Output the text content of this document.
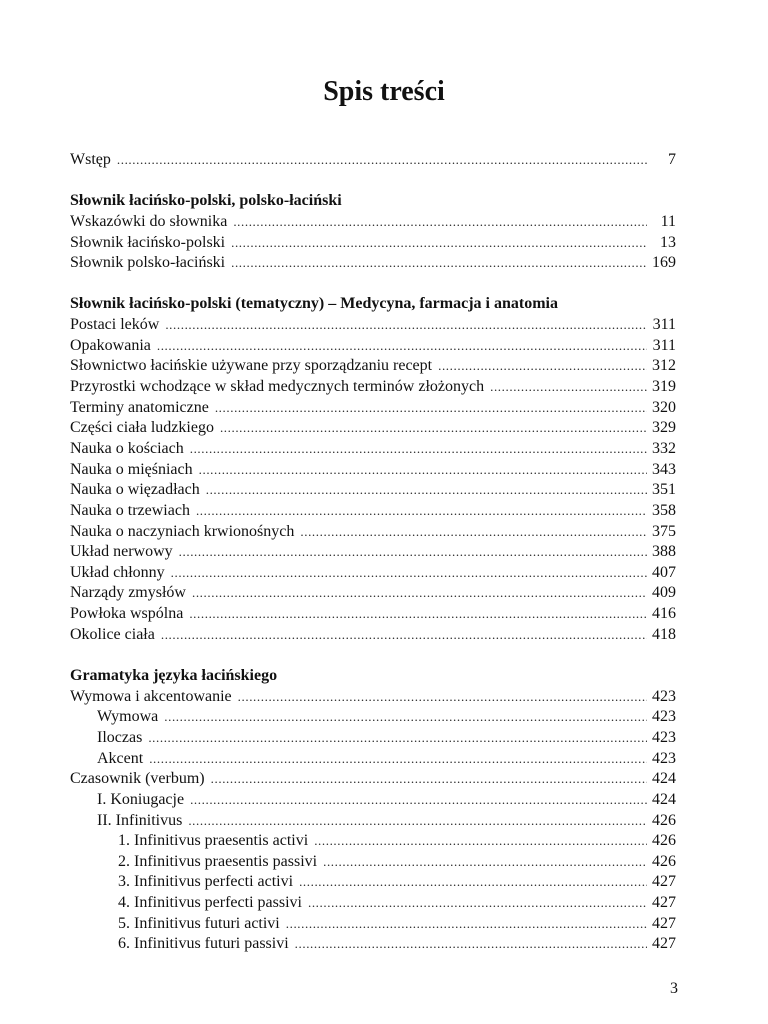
Spis treści
Wstęp .....	7
Słownik łacińsko-polski, polsko-łaciński
Wskazówki do słownika .....	11
Słownik łacińsko-polski .....	13
Słownik polsko-łaciński .....	169
Słownik łacińsko-polski (tematyczny) – Medycyna, farmacja i anatomia
Postaci leków .....	311
Opakowania .....	311
Słownictwo łacińskie używane przy sporządzaniu recept .....	312
Przyrostki wchodzące w skład medycznych terminów złożonych .....	319
Terminy anatomiczne .....	320
Części ciała ludzkiego .....	329
Nauka o kościach .....	332
Nauka o mięśniach .....	343
Nauka o więzadłach .....	351
Nauka o trzewiach .....	358
Nauka o naczyniach krwionośnych .....	375
Układ nerwowy .....	388
Układ chłonny .....	407
Narządy zmysłów .....	409
Powłoka wspólna .....	416
Okolice ciała .....	418
Gramatyka języka łacińskiego
Wymowa i akcentowanie .....	423
Wymowa .....	423
Iloczas .....	423
Akcent .....	423
Czasownik (verbum) .....	424
I. Koniugacje .....	424
II. Infinitivus .....	426
1. Infinitivus praesentis activi .....	426
2. Infinitivus praesentis passivi .....	426
3. Infinitivus perfecti activi .....	427
4. Infinitivus perfecti passivi .....	427
5. Infinitivus futuri activi .....	427
6. Infinitivus futuri passivi .....	427
3
